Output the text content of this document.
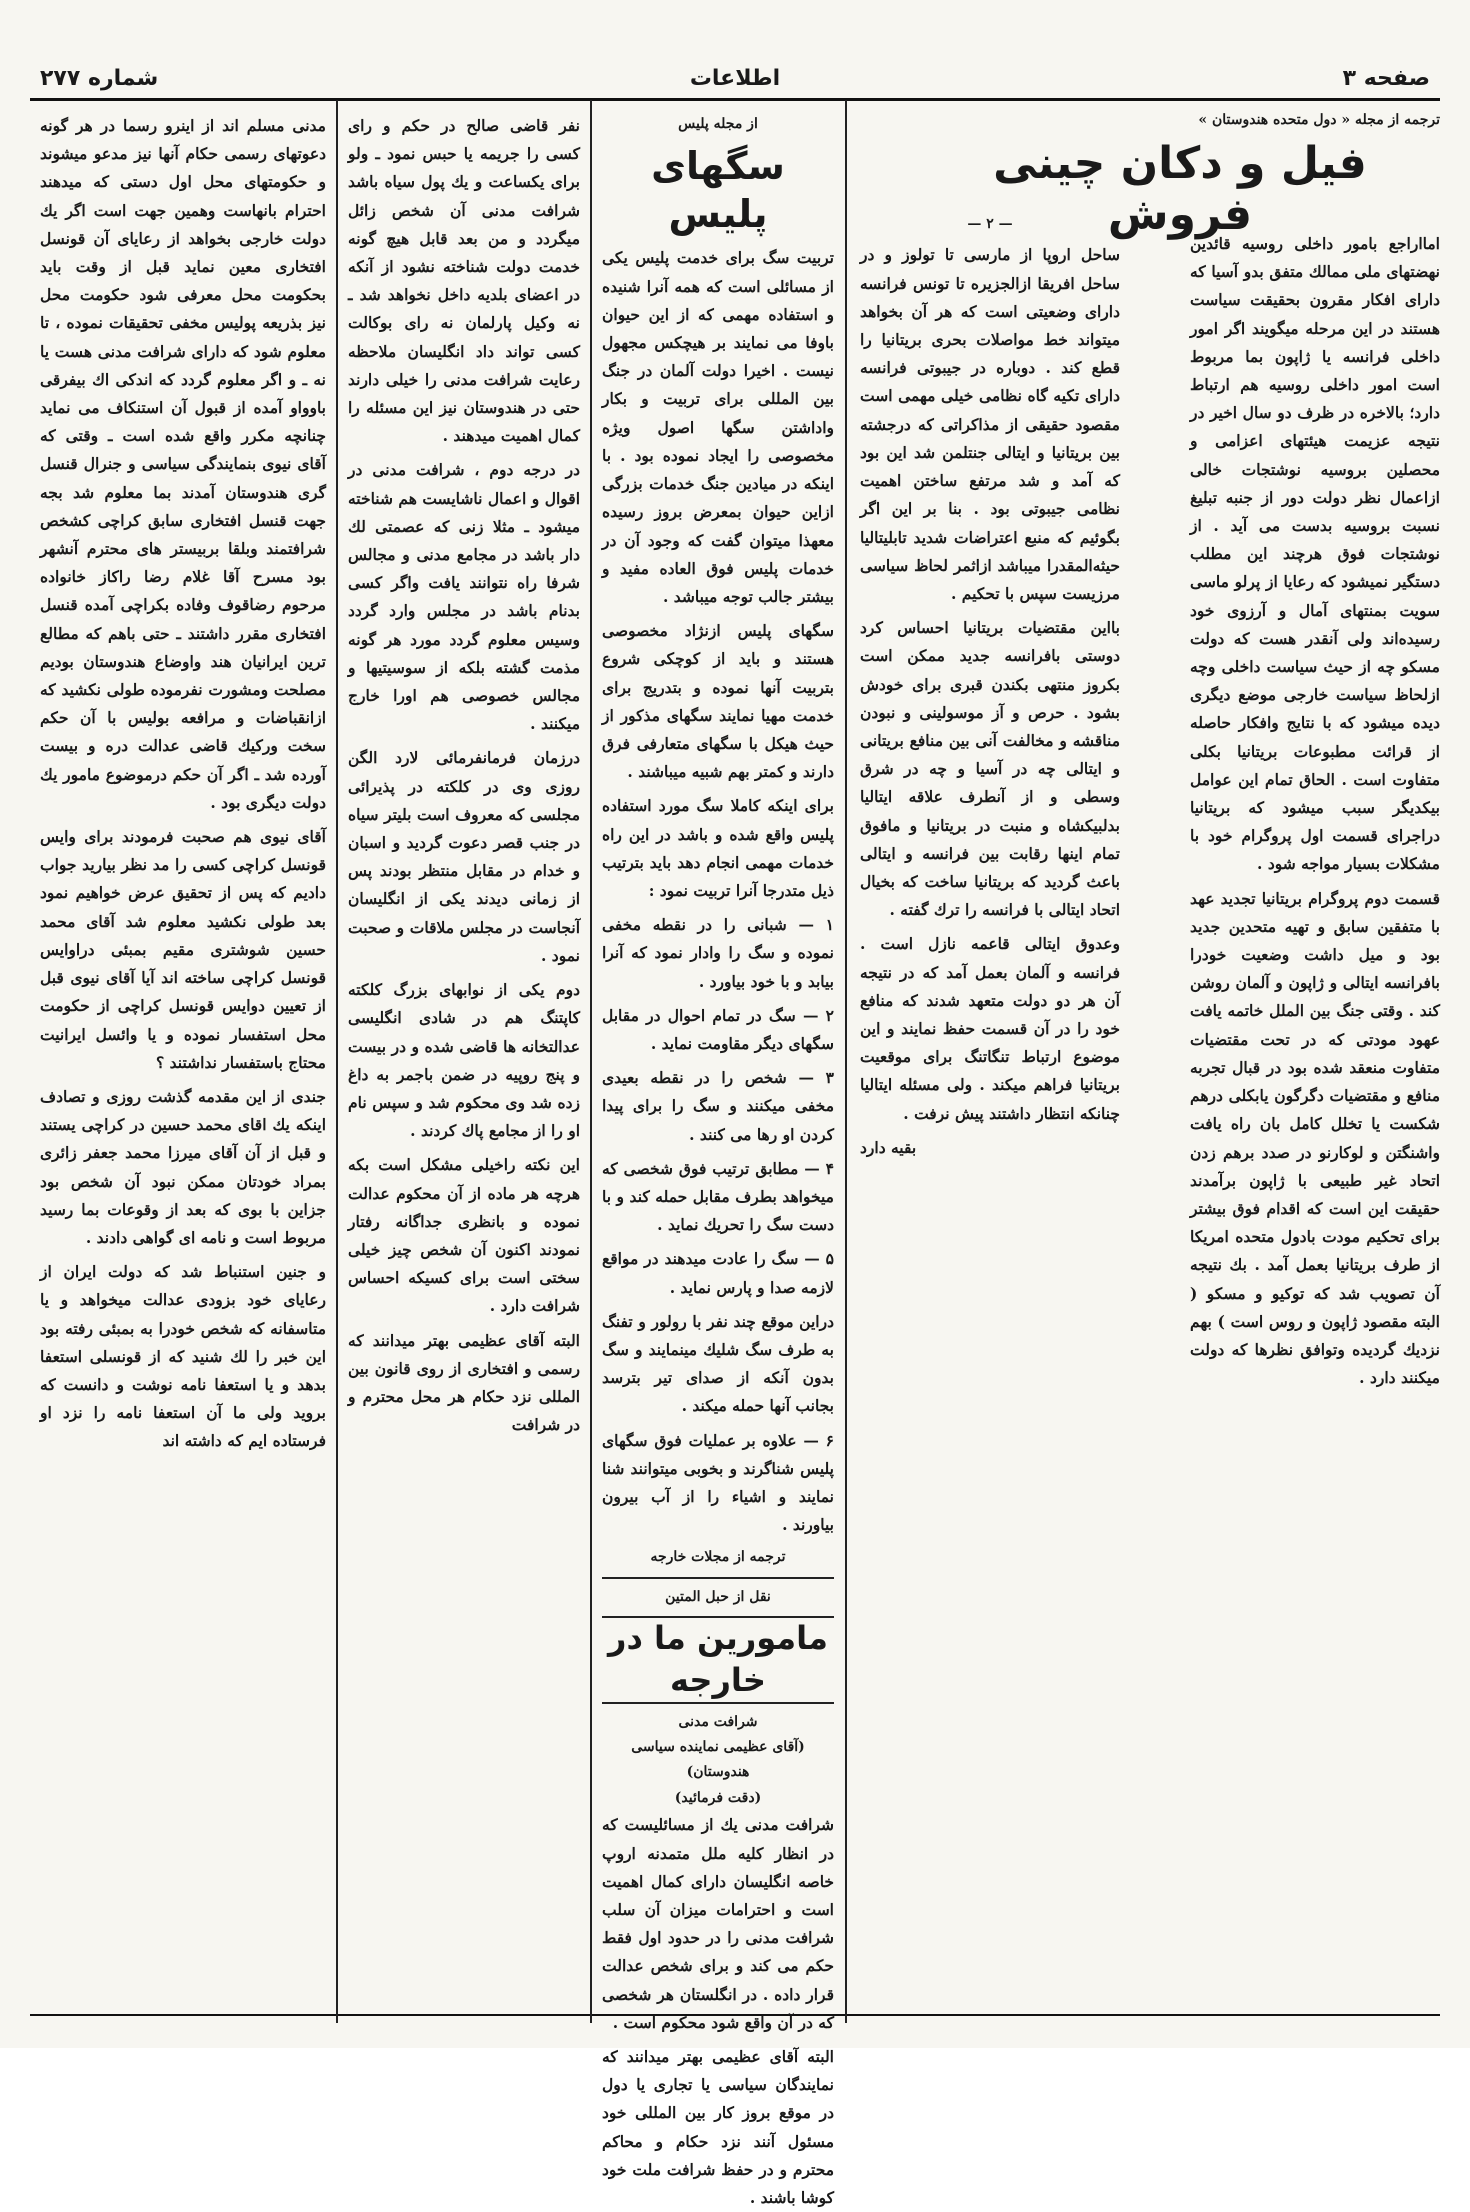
صفحه ۳
اطلاعات
شماره ۲۷۷
ترجمه از مجله « دول متحده هندوستان »
فیل و دکان چینی فروش

امااراجع بامور داخلی روسیه قائدین نهضتهای ملی ممالك متفق بدو آسیا كه دارای افكار مقرون بحقیقت سیاست هستند در این مرحله میگویند اگر امور داخلی فرانسه یا ژاپون بما مربوط است امور داخلی روسیه هم ارتباط دارد؛ بالاخره در ظرف دو سال اخیر در نتیجه عزیمت هیئتهای اعزامی و محصلین بروسیه نوشتجات خالی ازاعمال نظر دولت دور از جنبه تبلیغ نسبت بروسیه بدست می آید . از نوشتجات فوق هرچند این مطلب دستگیر نمیشود كه رعایا از پرلو ماسی سویت بمنتهای آمال و آرزوی خود رسیده‌اند ولی آنقدر هست كه دولت مسكو چه از حیث سیاست داخلی وچه ازلحاظ سیاست خارجی موضع دیگری دیده میشود كه با نتایج وافكار حاصله از قرائت مطبوعات بریتانیا بكلی متفاوت است . الحاق تمام این عوامل بیكدیگر سبب میشود كه بریتانیا دراجرای قسمت اول پروگرام خود با مشكلات بسیار مواجه شود .

قسمت دوم پروگرام بریتانیا تجدید عهد با متفقین سابق و تهیه متحدین جدید بود و میل داشت وضعیت خودرا بافرانسه ایتالی و ژاپون و آلمان روشن كند . وقتی جنگ بین الملل خاتمه یافت عهود مودتی كه در تحت مقتضیات متفاوت منعقد شده بود در قبال تجربه منافع و مقتضیات دگرگون یابكلی درهم شكست یا تخلل كامل بان راه یافت واشنگتن و لوكارنو در صدد برهم زدن اتحاد غیر طبیعی با ژاپون برآمدند حقیقت این است كه اقدام فوق بیشتر برای تحكیم مودت بادول متحده امریكا از طرف بریتانیا بعمل آمد . بك نتیجه آن تصویب شد كه توكیو و مسكو ( البته مقصود ژاپون و روس است ) بهم نزدیك گردیده وتوافق نظرها كه دولت میكنند دارد .

— ۲ —

ساحل اروپا از مارسی تا تولوز و در ساحل افریقا ازالجزیره تا تونس فرانسه دارای وضعیتی است كه هر آن بخواهد میتواند خط مواصلات بحری بریتانیا را قطع كند . دوباره در جیبوتی فرانسه دارای تكیه گاه نظامی خیلی مهمی است مقصود حقیقی از مذاكراتی كه درجشته بین بریتانیا و ایتالی جنتلمن شد این بود كه آمد و شد مرتفع ساختن اهمیت نظامی جیبوتی بود . بنا بر این اگر بگوئیم كه منبع اعتراضات شدید تابلیتالیا حیثه‌المقدرا میباشد ازاثمر لحاظ سیاسی مرزیست سپس با تحكیم .

بااین مقتضیات بریتانیا احساس كرد دوستی بافرانسه جدید ممكن است بكروز منتهی بكندن قبری برای خودش بشود . حرص و آز موسولینی و نبودن مناقشه و مخالفت آنی بین منافع بریتانی و ایتالی چه در آسیا و چه در شرق وسطی و از آنطرف علاقه ایتالیا بدلبیكشاه و منبت در بریتانیا و مافوق تمام اینها رقابت بین فرانسه و ایتالی باعث گردید كه بریتانیا ساخت كه بخیال اتحاد ایتالی با فرانسه را ترك گفته .

وعدوق ایتالی قاعمه نازل است . فرانسه و آلمان بعمل آمد كه در نتیجه آن هر دو دولت متعهد شدند كه منافع خود را در آن قسمت حفظ نمایند و این موضوع ارتباط تنگاتنگ برای موقعیت بریتانیا فراهم میكند . ولی مسئله ایتالیا چنانكه انتظار داشتند پیش نرفت .

بقیه دارد
از مجله پلیس
سگهای پلیس

تربیت سگ برای خدمت پلیس یكی از مسائلی است كه همه آنرا شنیده و استفاده مهمی كه از این حیوان باوفا می نمایند بر هیچكس مجهول نیست . اخیرا دولت آلمان در جنگ بین المللی برای تربیت و بكار واداشتن سگها اصول ویژه مخصوصی را ایجاد نموده بود . با اینكه در میادین جنگ خدمات بزرگی ازاین حیوان بمعرض بروز رسیده معهذا میتوان گفت كه وجود آن در خدمات پلیس فوق العاده مفید و بیشتر جالب توجه میباشد .

سگهای پلیس ازنژاد مخصوصی هستند و باید از كوچكی شروع بتربیت آنها نموده و بتدریج برای خدمت مهیا نمایند سگهای مذكور از حیث هیكل با سگهای متعارفی فرق دارند و كمتر بهم شبیه میباشند .

برای اینكه كاملا سگ مورد استفاده پلیس واقع شده و باشد در این راه خدمات مهمی انجام دهد باید بترتیب ذیل متدرجا آنرا تربیت نمود :

۱ — شبانی را در نقطه مخفی نموده و سگ را وادار نمود كه آنرا بیابد و با خود بیاورد .

۲ — سگ در تمام احوال در مقابل سگهای دیگر مقاومت نماید .

۳ — شخص را در نقطه بعیدی مخفی میكنند و سگ را برای پیدا كردن او رها می كنند .

۴ — مطابق ترتیب فوق شخصی که میخواهد بطرف مقابل حمله كند و با دست سگ را تحریك نماید .

۵ — سگ را عادت میدهند در مواقع لازمه صدا و پارس نماید .

دراین موقع چند نفر با رولور و تفنگ به طرف سگ شلیك مینمایند و سگ بدون آنكه از صدای تیر بترسد بجانب آنها حمله میكند .

۶ — علاوه بر عملیات فوق سگهای پلیس شناگرند و بخوبی میتوانند شنا نمایند و اشیاء را از آب بیرون بیاورند .

ترجمه از مجلات خارجه
نقل از حبل المتین
مامورین ما در خارجه
شرافت مدنی
(آقای عظیمی نماینده سیاسی هندوستان)
(دقت فرمائید)

شرافت مدنی یك از مسائلیست كه در انظار كلیه ملل متمدنه اروپ خاصه انگلیسان دارای كمال اهمیت است و احترامات میزان آن سلب شرافت مدنی را در حدود اول فقط حكم می كند و برای شخص عدالت قرار داده . در انگلستان هر شخصی كه در آن واقع شود محكوم است .

البته آقای عظیمی بهتر میدانند كه نمایندگان سیاسی یا تجاری یا دول در موقع بروز كار بین المللی خود مسئول آنند نزد حكام و محاكم محترم و در حفظ شرافت ملت خود كوشا باشند .

نفر قاضی صالح در حكم و رای كسی را جریمه یا حبس نمود ـ ولو برای یكساعت و یك پول سیاه باشد شرافت مدنی آن شخص زائل میگردد و من بعد قابل هیچ گونه خدمت دولت شناخته نشود از آنكه در اعضای بلدیه داخل نخواهد شد ـ نه وكیل پارلمان نه رای بوكالت كسی تواند داد انگلیسان ملاحظه رعایت شرافت مدنی را خیلی دارند حتی در هندوستان نیز این مسئله را كمال اهمیت میدهند .

در درجه دوم ، شرافت مدنی در اقوال و اعمال ناشایست هم شناخته میشود ـ مثلا زنی كه عصمتی لك دار باشد در مجامع مدنی و مجالس شرفا راه نتوانند یافت واگر كسی بدنام باشد در مجلس وارد گردد وسیس معلوم گردد مورد هر گونه مذمت گشته بلكه از سوسیتیها و مجالس خصوصی هم اورا خارج میكنند .

درزمان فرمانفرمائی لارد الگن روزی وی در كلكته در پذیرائی مجلسی كه معروف است بلیتر سیاه در جنب قصر دعوت گردید و اسبان و خدام در مقابل منتظر بودند پس از زمانی دیدند یكی از انگلیسان آنجاست در مجلس ملاقات و صحبت نمود .

دوم یكی از نوابهای بزرگ كلكته كاپتنگ هم در شادی انگلیسی عدالتخانه ها قاضی شده و در بیست و پنج روپیه در ضمن باجمر به داغ زده شد وی محكوم شد و سپس نام او را از مجامع پاك كردند .

این نكته راخیلی مشكل است بكه هرچه هر ماده از آن محكوم عدالت نموده و بانظری جداگانه رفتار نمودند اكنون آن شخص چیز خیلی سختی است برای كسیكه احساس شرافت دارد .

البته آقای عظیمی بهتر میدانند كه رسمی و افتخاری از روی قانون بین المللی نزد حكام هر محل محترم و در شرافت

مدنی مسلم اند از اینرو رسما در هر گونه دعوتهای رسمی حكام آنها نیز مدعو میشوند و حكومتهای محل اول دستی كه میدهند احترام بانهاست وهمین جهت است اگر یك دولت خارجی بخواهد از رعایای آن قونسل افتخاری معین نماید قبل از وقت باید بحكومت محل معرفی شود حكومت محل نیز بذریعه پولیس مخفی تحقیقات نموده ، تا معلوم شود كه دارای شرافت مدنی هست یا نه ـ و اگر معلوم گردد كه اندكی اك بیفرقی باوواو آمده از قبول آن استنكاف می نماید چنانچه مكرر واقع شده است ـ وقتی كه آقای نیوی بنمایندگی سیاسی و جنرال قنسل گری هندوستان آمدند بما معلوم شد بجه جهت قنسل افتخاری سابق كراچی كشخص شرافتمند وبلقا بربیستر های محترم آنشهر بود مسرح آقا غلام رضا راكاز خانواده مرحوم رضاقوف وفاده بكراچی آمده قنسل افتخاری مقرر داشتند ـ حتی باهم كه مطالع ترین ایرانیان هند واوضاع هندوستان بودیم مصلحت ومشورت نفرموده طولی نكشید كه ازانقباضات و مرافعه بولیس با آن حكم سخت وركیك قاضی عدالت دره و بیست آورده شد ـ اگر آن حكم درموضوع مامور یك دولت دیگری بود .

آقای نیوی هم صحبت فرمودند برای وایس قونسل كراچی كسی را مد نظر بیارید جواب دادیم كه پس از تحقیق عرض خواهیم نمود بعد طولی نكشید معلوم شد آقای محمد حسین شوشتری مقیم بمبئی دراوایس قونسل كراچی ساخته اند آیا آقای نیوی قبل از تعیین دوایس قونسل كراچی از حكومت محل استفسار نموده و یا وائسل ایرانیت محتاج باستفسار نداشتند ؟

جندی از این مقدمه گذشت روزی و تصادف اینكه یك اقای محمد حسین در كراچی یستند و قبل از آن آقای میرزا محمد جعفر زائری بمراد خودتان ممكن نبود آن شخص بود جزاین با بوی كه بعد از وقوعات بما رسید مربوط است و نامه ای گواهی دادند .

و جنین استنباط شد كه دولت ایران از رعایای خود بزودی عدالت میخواهد و یا متاسفانه كه شخص خودرا به بمبئی رفته بود این خبر را لك شنید كه از قونسلی استعفا بدهد و یا استعفا نامه نوشت و دانست كه بروید ولی ما آن استعفا نامه را نزد او فرستاده ایم كه داشته اند
